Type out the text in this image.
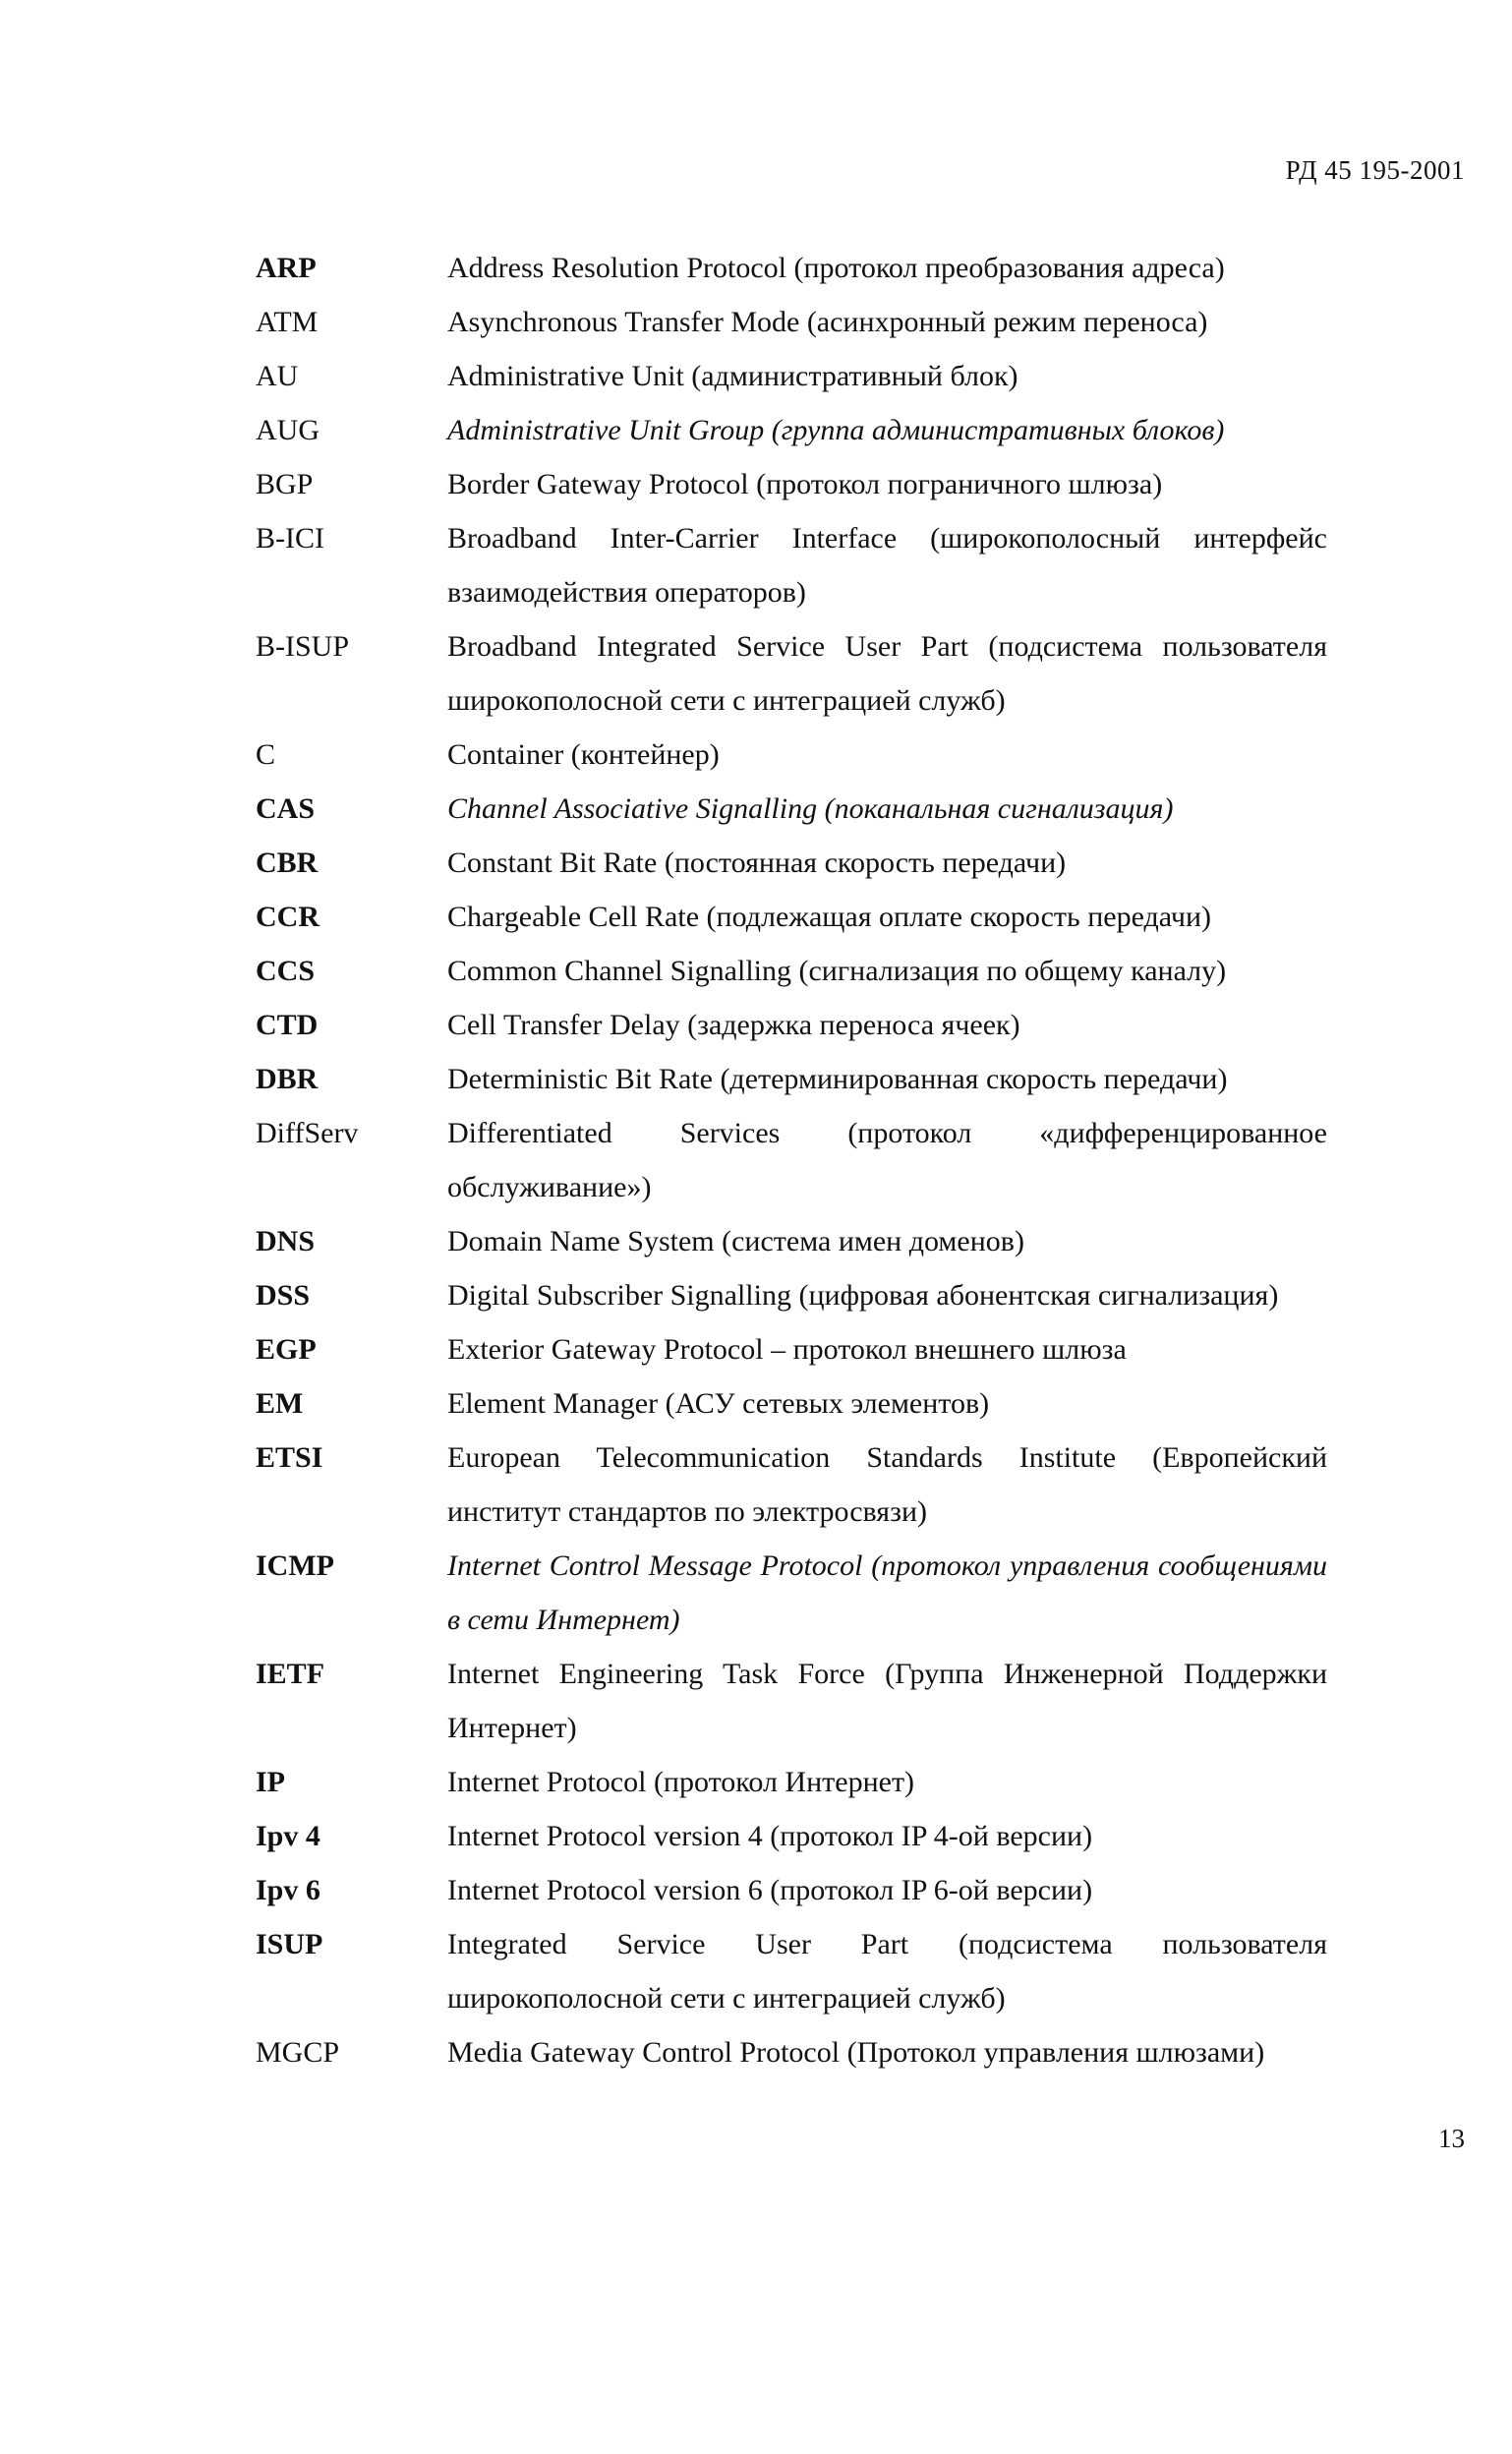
РД 45 195-2001
ARP	Address Resolution Protocol (протокол преобразования адреса)
ATM	Asynchronous Transfer Mode (асинхронный режим переноса)
AU	Administrative Unit (административный блок)
AUG	Administrative Unit Group (группа административных блоков)
BGP	Border Gateway Protocol (протокол пограничного шлюза)
B-ICI	Broadband Inter-Carrier Interface (широкополосный интерфейс взаимодействия операторов)
B-ISUP	Broadband Integrated Service User Part (подсистема пользователя широкополосной сети с интеграцией служб)
C	Container (контейнер)
CAS	Channel Associative Signalling (поканальная сигнализация)
CBR	Constant Bit Rate (постоянная скорость передачи)
CCR	Chargeable Cell Rate (подлежащая оплате скорость передачи)
CCS	Common Channel Signalling (сигнализация по общему каналу)
CTD	Cell Transfer Delay (задержка переноса ячеек)
DBR	Deterministic Bit Rate (детерминированная скорость передачи)
DiffServ	Differentiated Services (протокол «дифференцированное обслуживание»)
DNS	Domain Name System (система имен доменов)
DSS	Digital Subscriber Signalling (цифровая абонентская сигнализация)
EGP	Exterior Gateway Protocol – протокол внешнего шлюза
EM	Element Manager (АСУ сетевых элементов)
ETSI	European Telecommunication Standards Institute (Европейский институт стандартов по электросвязи)
ICMP	Internet Control Message Protocol (протокол управления сообщениями в сети Интернет)
IETF	Internet Engineering Task Force (Группа Инженерной Поддержки Интернет)
IP	Internet Protocol (протокол Интернет)
Ipv 4	Internet Protocol version 4 (протокол IP 4-ой версии)
Ipv 6	Internet Protocol version 6 (протокол IP 6-ой версии)
ISUP	Integrated Service User Part (подсистема пользователя широкополосной сети с интеграцией служб)
MGCP	Media Gateway Control Protocol (Протокол управления шлюзами)
13
